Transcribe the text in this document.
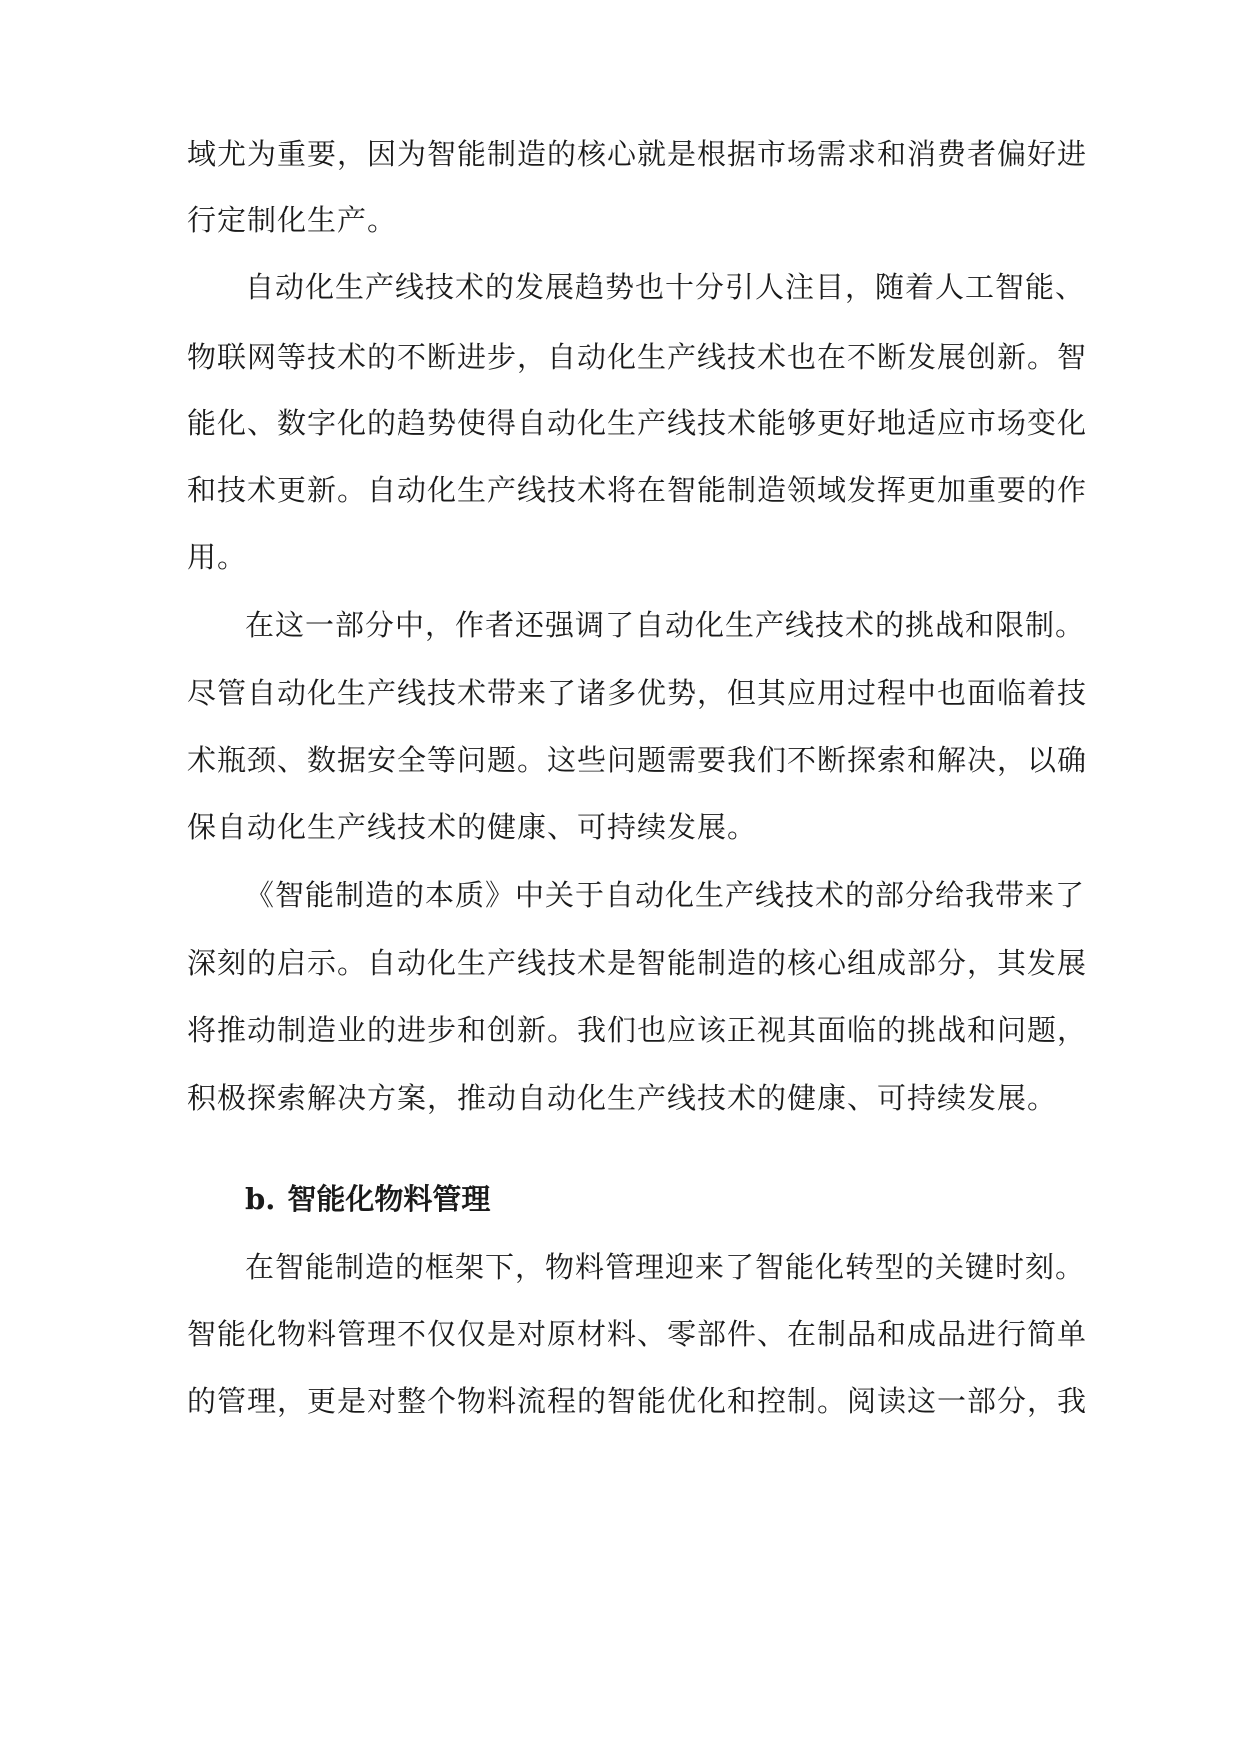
域尤为重要，因为智能制造的核心就是根据市场需求和消费者偏好进
行定制化生产。
自动化生产线技术的发展趋势也十分引人注目，随着人工智能、
物联网等技术的不断进步，自动化生产线技术也在不断发展创新。智
能化、数字化的趋势使得自动化生产线技术能够更好地适应市场变化
和技术更新。自动化生产线技术将在智能制造领域发挥更加重要的作
用。
在这一部分中，作者还强调了自动化生产线技术的挑战和限制。
尽管自动化生产线技术带来了诸多优势，但其应用过程中也面临着技
术瓶颈、数据安全等问题。这些问题需要我们不断探索和解决，以确
保自动化生产线技术的健康、可持续发展。
《智能制造的本质》中关于自动化生产线技术的部分给我带来了
深刻的启示。自动化生产线技术是智能制造的核心组成部分，其发展
将推动制造业的进步和创新。我们也应该正视其面临的挑战和问题，
积极探索解决方案，推动自动化生产线技术的健康、可持续发展。
b. 智能化物料管理
在智能制造的框架下，物料管理迎来了智能化转型的关键时刻。
智能化物料管理不仅仅是对原材料、零部件、在制品和成品进行简单
的管理，更是对整个物料流程的智能优化和控制。阅读这一部分，我
